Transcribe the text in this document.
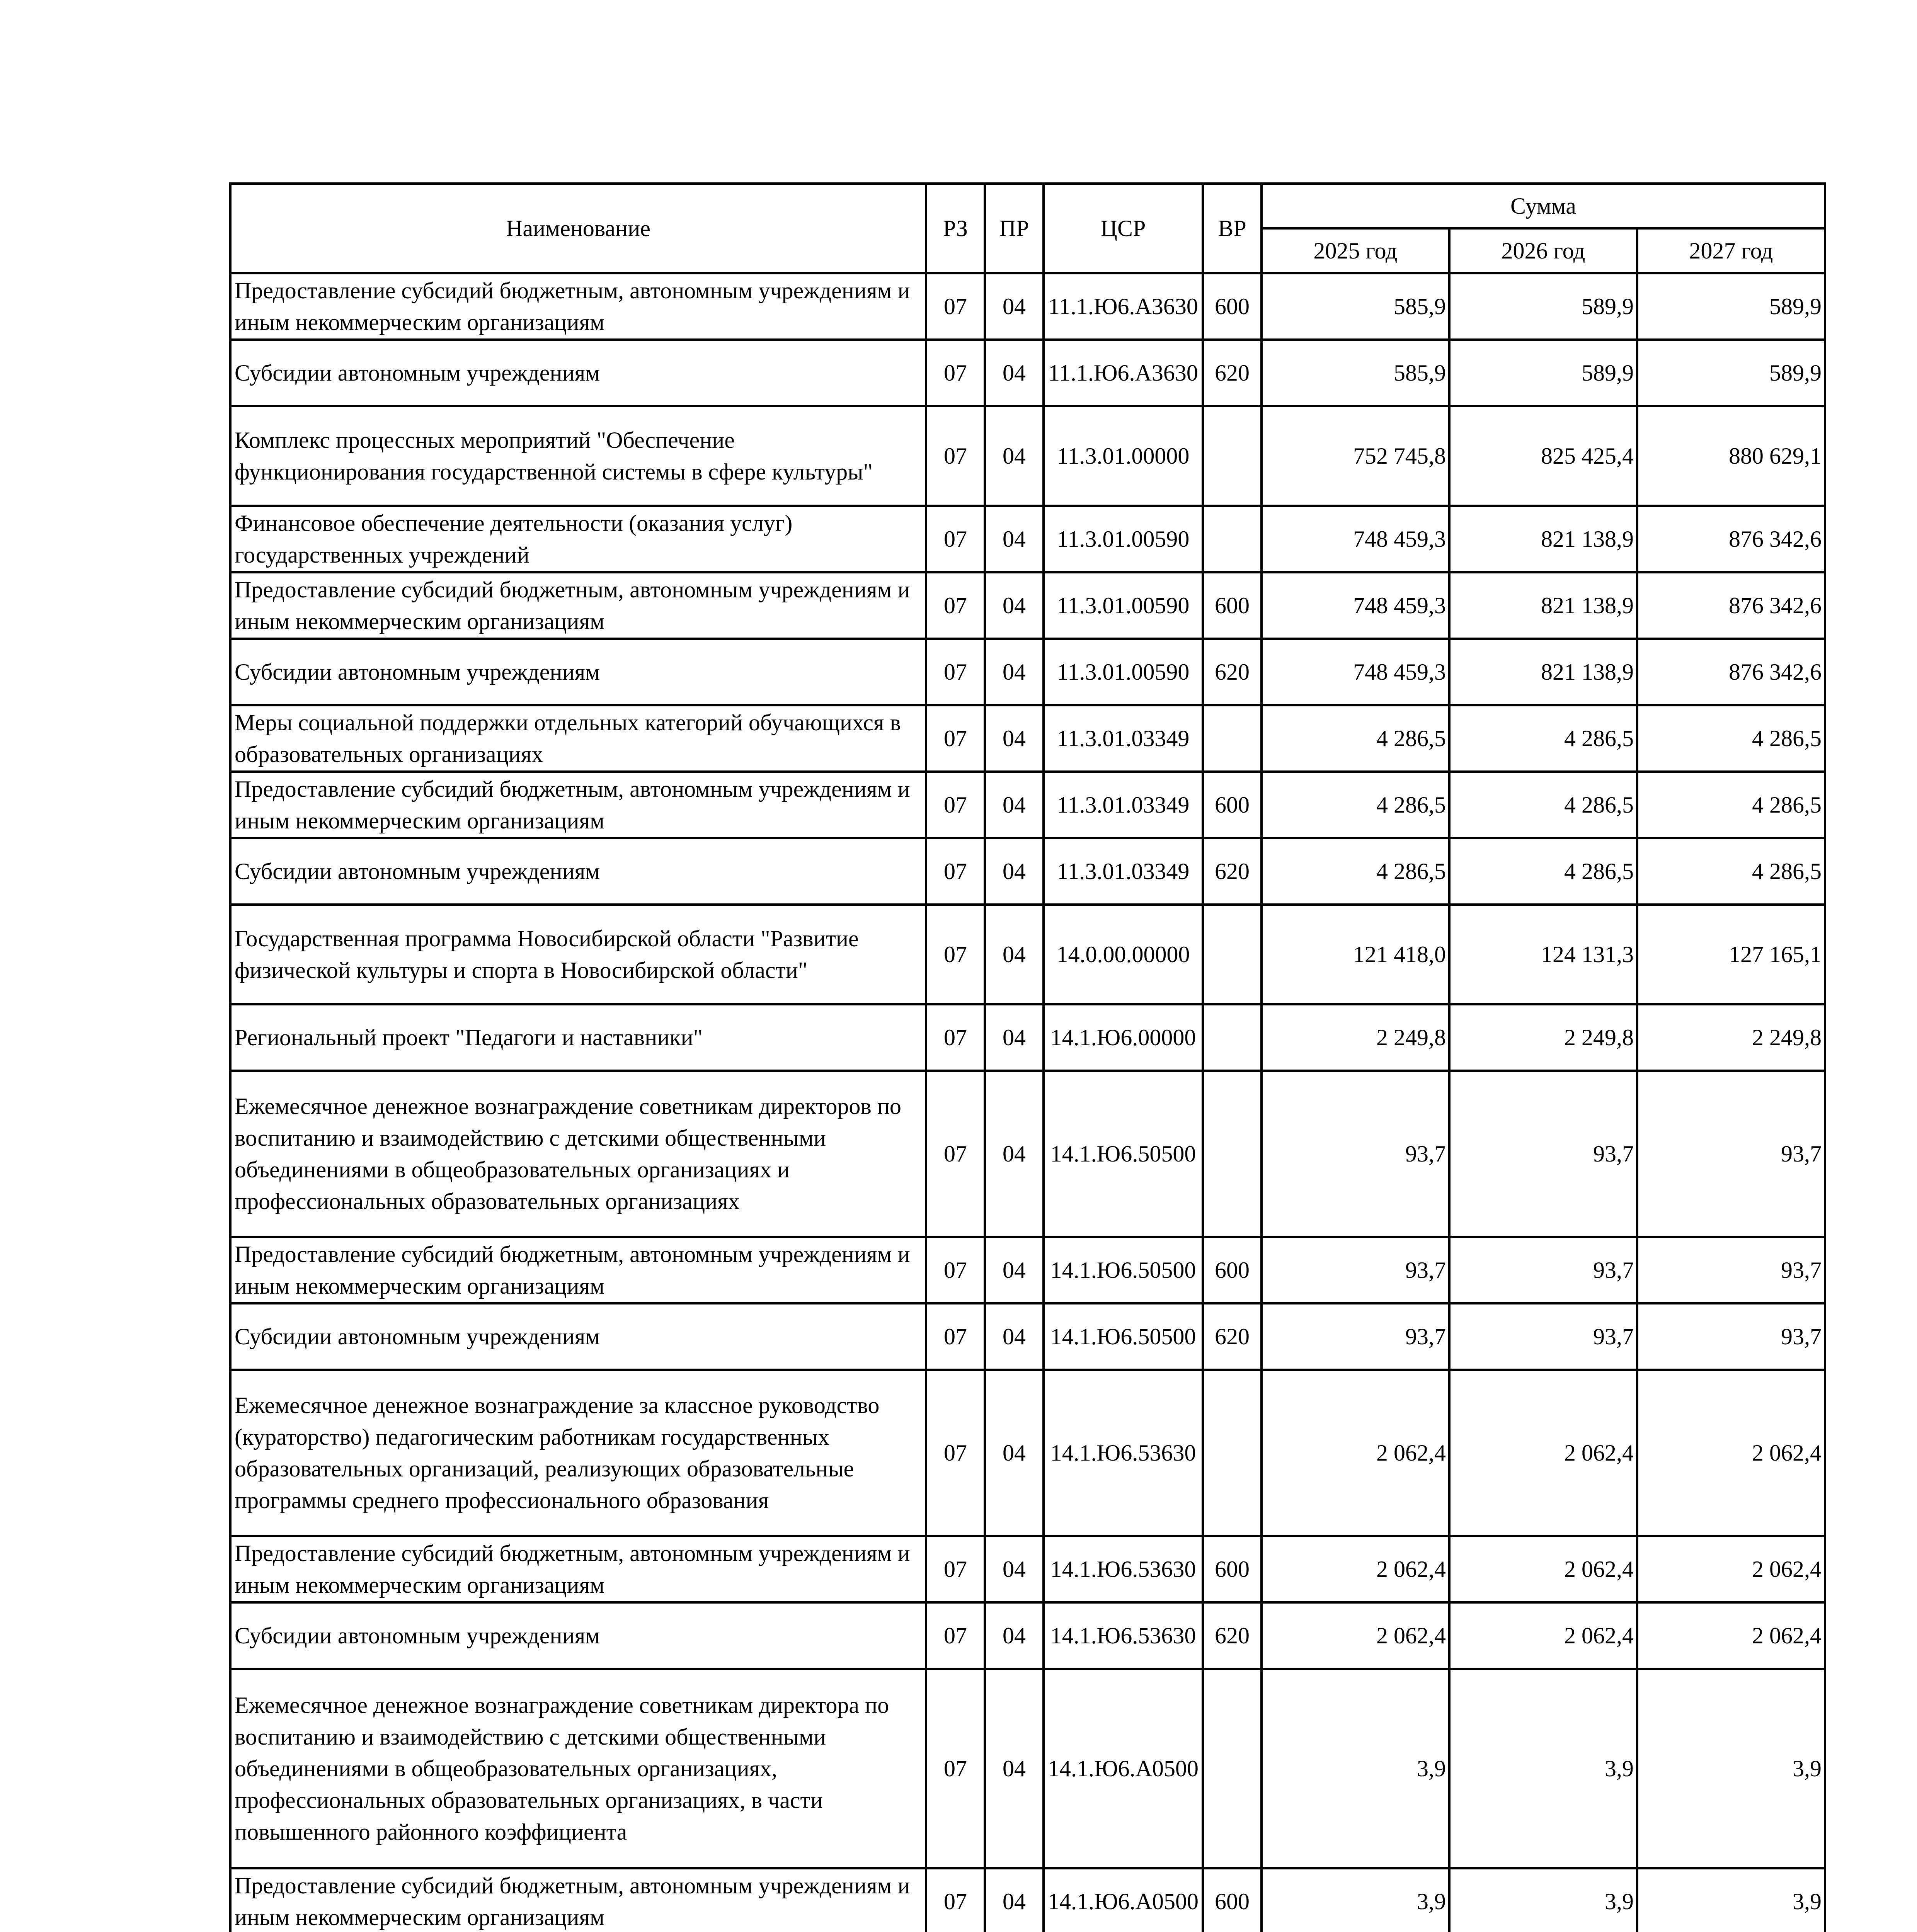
Наименование	РЗ	ПР	ЦСР	ВР	Сумма		
					2025 год	2026 год	2027 год
Предоставление субсидий бюджетным, автономным учреждениям и иным некоммерческим организациям	07	04	11.1.Ю6.А3630	600	585,9	589,9	589,9
Субсидии автономным учреждениям	07	04	11.1.Ю6.А3630	620	585,9	589,9	589,9
Комплекс процессных мероприятий "Обеспечение функционирования государственной системы в сфере культуры"	07	04	11.3.01.00000		752 745,8	825 425,4	880 629,1
Финансовое обеспечение деятельности (оказания услуг) государственных учреждений	07	04	11.3.01.00590		748 459,3	821 138,9	876 342,6
Предоставление субсидий бюджетным, автономным учреждениям и иным некоммерческим организациям	07	04	11.3.01.00590	600	748 459,3	821 138,9	876 342,6
Субсидии автономным учреждениям	07	04	11.3.01.00590	620	748 459,3	821 138,9	876 342,6
Меры социальной поддержки отдельных категорий обучающихся в образовательных организациях	07	04	11.3.01.03349		4 286,5	4 286,5	4 286,5
Предоставление субсидий бюджетным, автономным учреждениям и иным некоммерческим организациям	07	04	11.3.01.03349	600	4 286,5	4 286,5	4 286,5
Субсидии автономным учреждениям	07	04	11.3.01.03349	620	4 286,5	4 286,5	4 286,5
Государственная программа Новосибирской области "Развитие физической культуры и спорта в Новосибирской области"	07	04	14.0.00.00000		121 418,0	124 131,3	127 165,1
Региональный проект "Педагоги и наставники"	07	04	14.1.Ю6.00000		2 249,8	2 249,8	2 249,8
Ежемесячное денежное вознаграждение советникам директоров по воспитанию и взаимодействию с детскими общественными объединениями в общеобразовательных организациях и профессиональных образовательных организациях	07	04	14.1.Ю6.50500		93,7	93,7	93,7
Предоставление субсидий бюджетным, автономным учреждениям и иным некоммерческим организациям	07	04	14.1.Ю6.50500	600	93,7	93,7	93,7
Субсидии автономным учреждениям	07	04	14.1.Ю6.50500	620	93,7	93,7	93,7
Ежемесячное денежное вознаграждение за классное руководство (кураторство) педагогическим работникам государственных образовательных организаций, реализующих образовательные программы среднего профессионального образования	07	04	14.1.Ю6.53630		2 062,4	2 062,4	2 062,4
Предоставление субсидий бюджетным, автономным учреждениям и иным некоммерческим организациям	07	04	14.1.Ю6.53630	600	2 062,4	2 062,4	2 062,4
Субсидии автономным учреждениям	07	04	14.1.Ю6.53630	620	2 062,4	2 062,4	2 062,4
Ежемесячное денежное вознаграждение советникам директора по воспитанию и взаимодействию с детскими общественными объединениями в общеобразовательных организациях, профессиональных образовательных организациях, в части повышенного районного коэффициента	07	04	14.1.Ю6.А0500		3,9	3,9	3,9
Предоставление субсидий бюджетным, автономным учреждениям и иным некоммерческим организациям	07	04	14.1.Ю6.А0500	600	3,9	3,9	3,9
